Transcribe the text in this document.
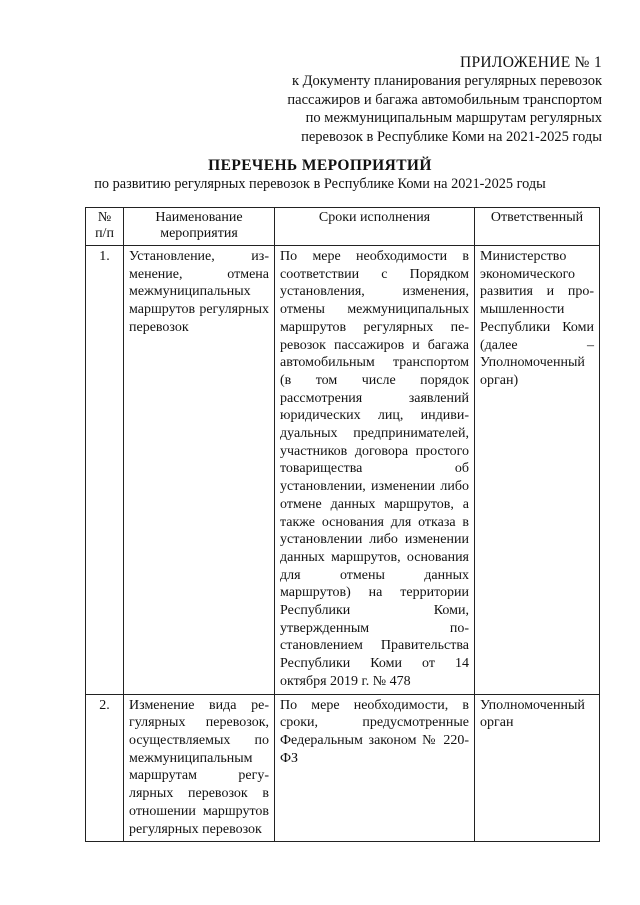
ПРИЛОЖЕНИЕ № 1
к Документу планирования регулярных перевозок
пассажиров и багажа автомобильным транспортом
по межмуниципальным маршрутам регулярных
перевозок в Республике Коми на 2021-2025 годы
ПЕРЕЧЕНЬ МЕРОПРИЯТИЙ
по развитию регулярных перевозок в Республике Коми на 2021-2025 годы
№ п/п	Наименование мероприятия	Сроки исполнения	Ответственный
1.	Установление, изменение, отмена межмуниципальных маршрутов регулярных перевозок	По мере необходимости в соответствии с Порядком установления, изменения, отмены межмуниципальных маршрутов регулярных перевозок пассажиров и багажа автомобильным транспортом (в том числе порядок рассмотрения заявлений юридических лиц, индивидуальных предпринимателей, участников договора простого товарищества об установлении, изменении либо отмене данных маршрутов, а также основания для отказа в установлении либо изменении данных маршрутов, основания для отмены данных маршрутов) на территории Республики Коми, утвержденным постановлением Правительства Республики Коми от 14 октября 2019 г. № 478	Министерство экономического развития и промышленности Республики Коми (далее – Уполномоченный орган)
2.	Изменение вида регулярных перевозок, осуществляемых по межмуниципальным маршрутам регулярных перевозок в отношении маршрутов регулярных перевозок	По мере необходимости, в сроки, предусмотренные Федеральным законом № 220-ФЗ	Уполномоченный орган
